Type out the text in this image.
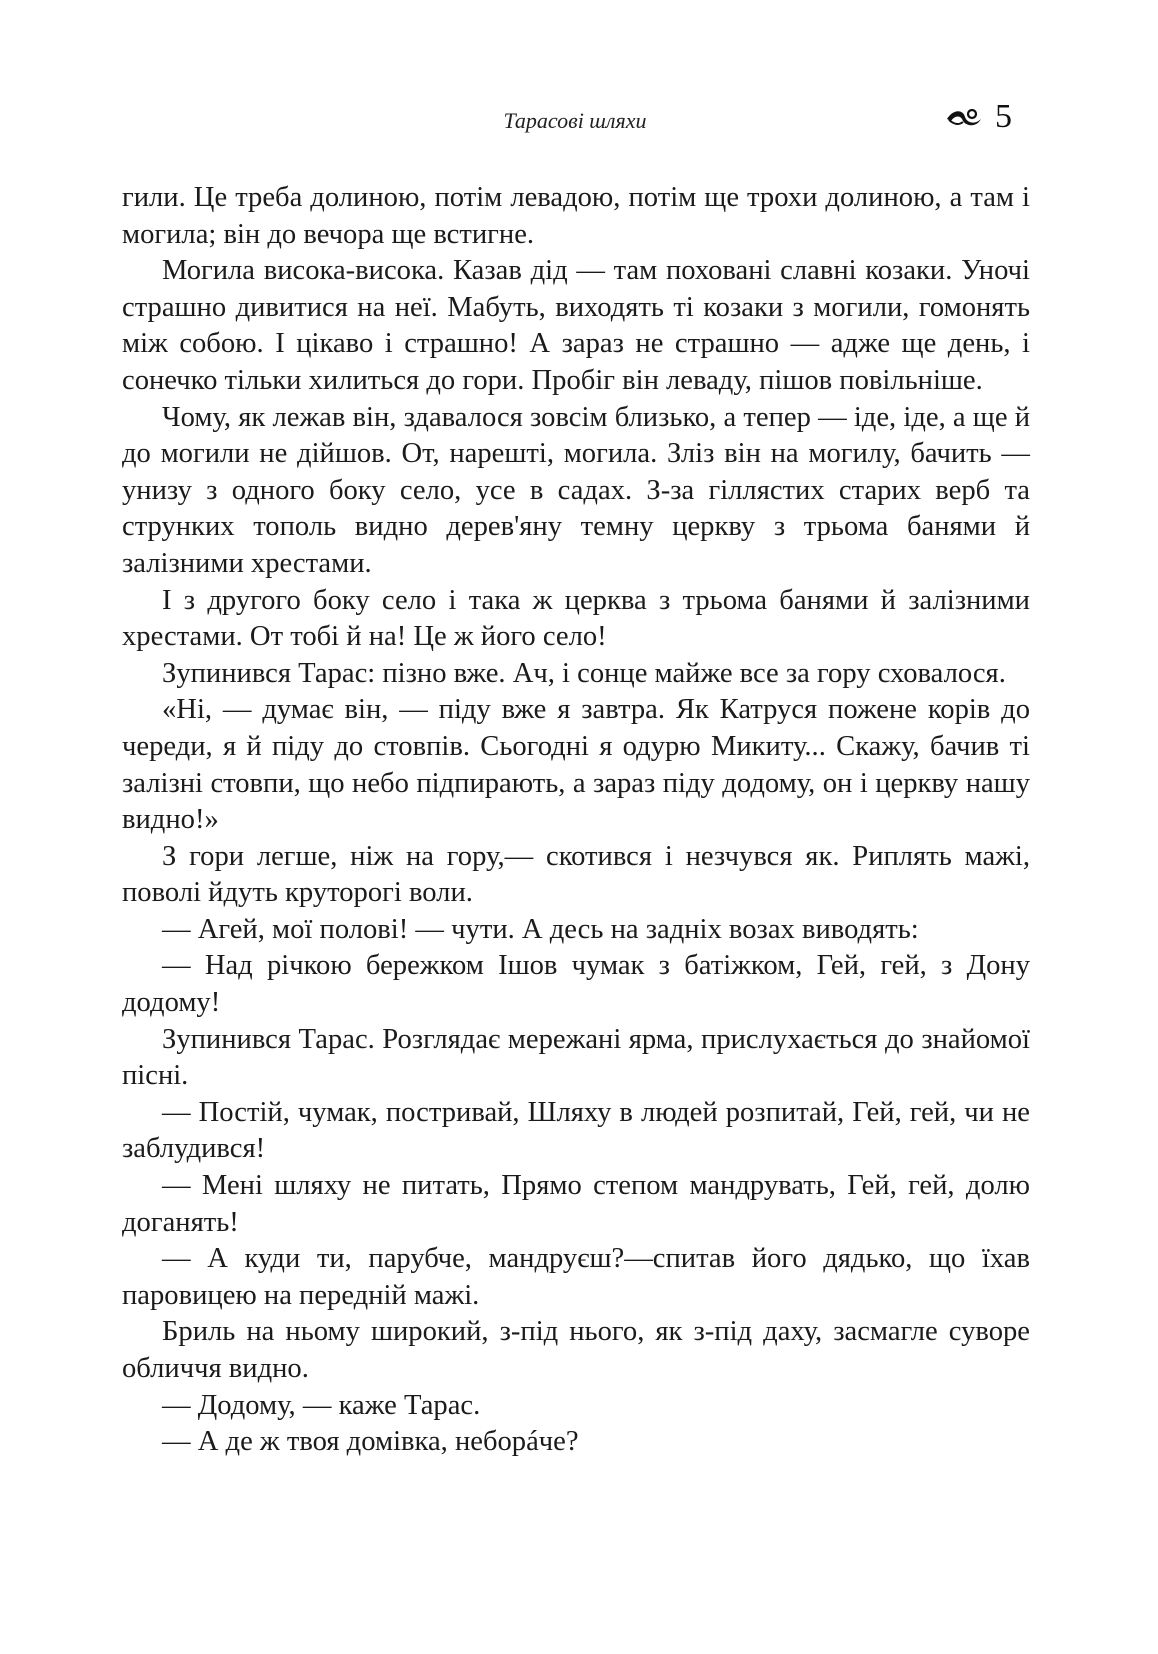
Тарасові шляхи	5

гили. Це треба долиною, потім левадою, потім ще трохи долиною, а там і могила; він до вечора ще встигне.

Могила висока-висока. Казав дід — там поховані славні козаки. Уночі страшно дивитися на неї. Мабуть, виходять ті козаки з могили, гомонять між собою. І цікаво і страшно! А зараз не страшно — адже ще день, і сонечко тільки хилиться до гори. Пробіг він леваду, пішов повільніше.

Чому, як лежав він, здавалося зовсім близько, а тепер — іде, іде, а ще й до могили не дійшов. От, нарешті, могила. Зліз він на могилу, бачить — унизу з одного боку село, усе в садах. З-за гіллястих старих верб та струнких тополь видно дерев'яну темну церкву з трьома банями й залізними хрестами.

І з другого боку село і така ж церква з трьома банями й залізними хрестами. От тобі й на! Це ж його село!

Зупинився Тарас: пізно вже. Ач, і сонце майже все за гору сховалося.

«Ні, — думає він, — піду вже я завтра. Як Катруся пожене корів до череди, я й піду до стовпів. Сьогодні я одурю Микиту... Скажу, бачив ті залізні стовпи, що небо підпирають, а зараз піду додому, он і церкву нашу видно!»

З гори легше, ніж на гору,— скотився і незчувся як. Риплять мажі, поволі йдуть круторогі воли.

— Агей, мої полові! — чути. А десь на задніх возах виводять:

— Над річкою бережком Ішов чумак з батіжком, Гей, гей, з Дону додому!

Зупинився Тарас. Розглядає мережані ярма, прислухається до знайомої пісні.

— Постій, чумак, постривай, Шляху в людей розпитай, Гей, гей, чи не заблудився!

— Мені шляху не питать, Прямо степом мандрувать, Гей, гей, долю доганять!

— А куди ти, парубче, мандруєш?—спитав його дядько, що їхав паровицею на передній мажі.

Бриль на ньому широкий, з-під нього, як з-під даху, засмагле суворе обличчя видно.

— Додому, — каже Тарас.

— А де ж твоя домівка, неборáче?
